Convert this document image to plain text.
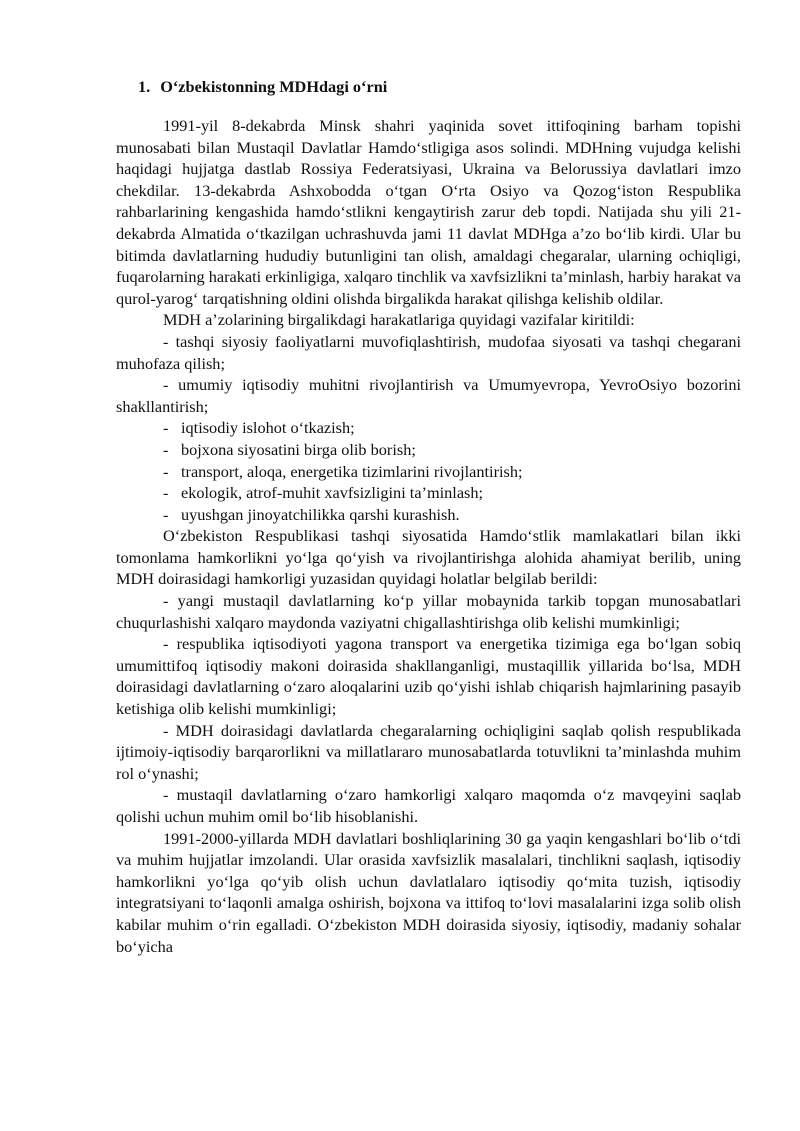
1. O‘zbekistonning MDHdagi o‘rni

1991-yil 8-dekabrda Minsk shahri yaqinida sovet ittifoqining barham topishi munosabati bilan Mustaqil Davlatlar Hamdo‘stligiga asos solindi. MDHning vujudga kelishi haqidagi hujjatga dastlab Rossiya Federatsiyasi, Ukraina va Belorussiya davlatlari imzo chekdilar. 13-dekabrda Ashxobodda o‘tgan O‘rta Osiyo va Qozog‘iston Respublika rahbarlarining kengashida hamdo‘stlikni kengaytirish zarur deb topdi. Natijada shu yili 21-dekabrda Almatida o‘tkazilgan uchrashuvda jami 11 davlat MDHga a’zo bo‘lib kirdi. Ular bu bitimda davlatlarning hududiy butunligini tan olish, amaldagi chegaralar, ularning ochiqligi, fuqarolarning harakati erkinligiga, xalqaro tinchlik va xavfsizlikni ta’minlash, harbiy harakat va qurol-yarog‘ tarqatishning oldini olishda birgalikda harakat qilishga kelishib oldilar.

MDH a’zolarining birgalikdagi harakatlariga quyidagi vazifalar kiritildi:

- tashqi siyosiy faoliyatlarni muvofiqlashtirish, mudofaa siyosati va tashqi chegarani muhofaza qilish;

- umumiy iqtisodiy muhitni rivojlantirish va Umumyevropa, YevroOsiyo bozorini shakllantirish;

- iqtisodiy islohot o‘tkazish;
- bojxona siyosatini birga olib borish;
- transport, aloqa, energetika tizimlarini rivojlantirish;
- ekologik, atrof-muhit xavfsizligini ta’minlash;
- uyushgan jinoyatchilikka qarshi kurashish.

O‘zbekiston Respublikasi tashqi siyosatida Hamdo‘stlik mamlakatlari bilan ikki tomonlama hamkorlikni yo‘lga qo‘yish va rivojlantirishga alohida ahamiyat berilib, uning MDH doirasidagi hamkorligi yuzasidan quyidagi holatlar belgilab berildi:

- yangi mustaqil davlatlarning ko‘p yillar mobaynida tarkib topgan munosabatlari chuqurlashishi xalqaro maydonda vaziyatni chigallashtirishga olib kelishi mumkinligi;

- respublika iqtisodiyoti yagona transport va energetika tizimiga ega bo‘lgan sobiq umumittifoq iqtisodiy makoni doirasida shakllanganligi, mustaqillik yillarida bo‘lsa, MDH doirasidagi davlatlarning o‘zaro aloqalarini uzib qo‘yishi ishlab chiqarish hajmlarining pasayib ketishiga olib kelishi mumkinligi;

- MDH doirasidagi davlatlarda chegaralarning ochiqligini saqlab qolish respublikada ijtimoiy-iqtisodiy barqarorlikni va millatlararo munosabatlarda totuvlikni ta’minlashda muhim rol o‘ynashi;

- mustaqil davlatlarning o‘zaro hamkorligi xalqaro maqomda o‘z mavqeyini saqlab qolishi uchun muhim omil bo‘lib hisoblanishi.

1991-2000-yillarda MDH davlatlari boshliqlarining 30 ga yaqin kengashlari bo‘lib o‘tdi va muhim hujjatlar imzolandi. Ular orasida xavfsizlik masalalari, tinchlikni saqlash, iqtisodiy hamkorlikni yo‘lga qo‘yib olish uchun davlatlalaro iqtisodiy qo‘mita tuzish, iqtisodiy integratsiyani to‘laqonli amalga oshirish, bojxona va ittifoq to‘lovi masalalarini izga solib olish kabilar muhim o‘rin egalladi. O‘zbekiston MDH doirasida siyosiy, iqtisodiy, madaniy sohalar bo‘yicha
